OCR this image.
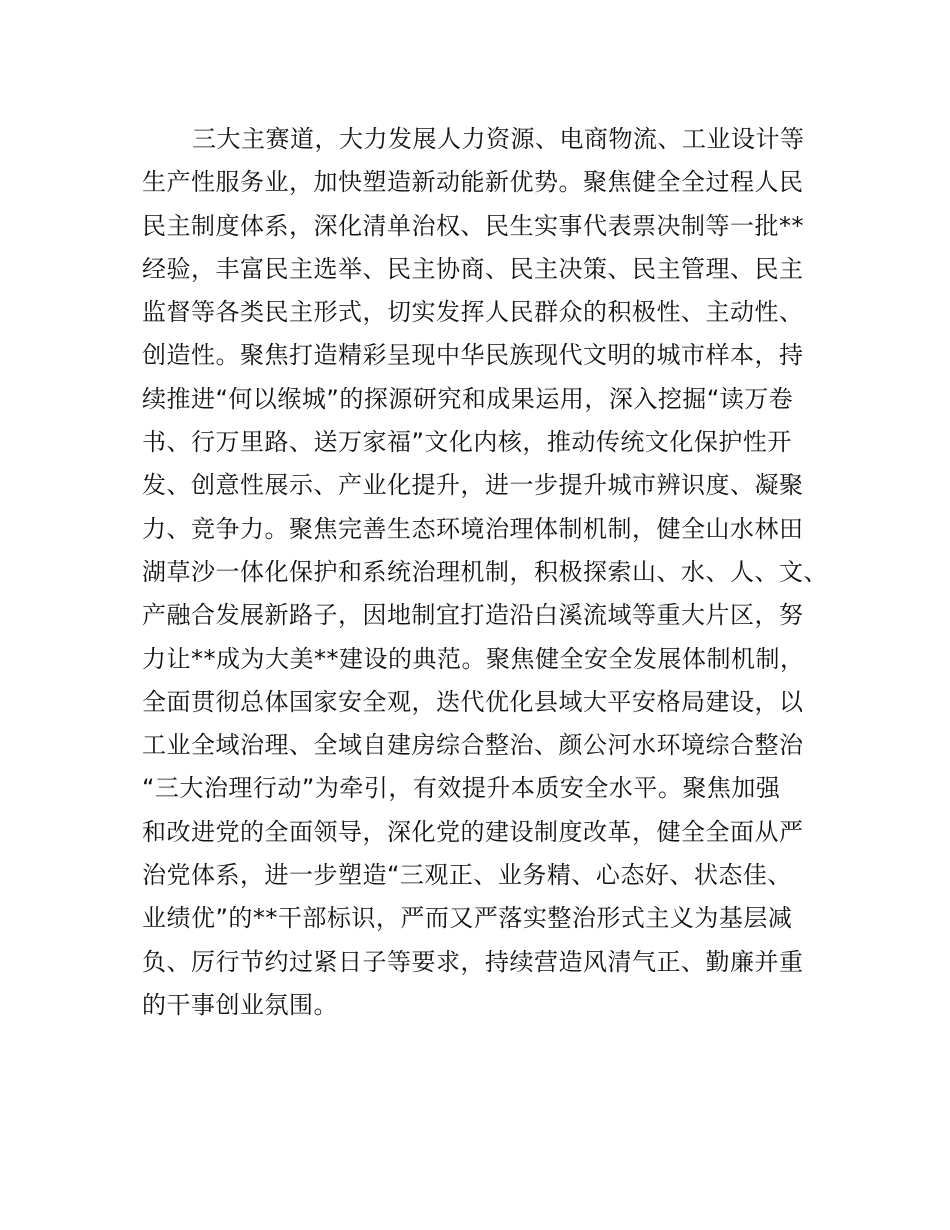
三大主赛道，大力发展人力资源、电商物流、工业设计等
生产性服务业，加快塑造新动能新优势。聚焦健全全过程人民
民主制度体系，深化清单治权、民生实事代表票决制等一批**
经验，丰富民主选举、民主协商、民主决策、民主管理、民主
监督等各类民主形式，切实发挥人民群众的积极性、主动性、
创造性。聚焦打造精彩呈现中华民族现代文明的城市样本，持
续推进“何以缑城”的探源研究和成果运用，深入挖掘“读万卷
书、行万里路、送万家福”文化内核，推动传统文化保护性开
发、创意性展示、产业化提升，进一步提升城市辨识度、凝聚
力、竞争力。聚焦完善生态环境治理体制机制，健全山水林田
湖草沙一体化保护和系统治理机制，积极探索山、水、人、文、
产融合发展新路子，因地制宜打造沿白溪流域等重大片区，努
力让**成为大美**建设的典范。聚焦健全安全发展体制机制，
全面贯彻总体国家安全观，迭代优化县域大平安格局建设，以
工业全域治理、全域自建房综合整治、颜公河水环境综合整治
“三大治理行动”为牵引，有效提升本质安全水平。聚焦加强
和改进党的全面领导，深化党的建设制度改革，健全全面从严
治党体系，进一步塑造“三观正、业务精、心态好、状态佳、
业绩优”的**干部标识，严而又严落实整治形式主义为基层减
负、厉行节约过紧日子等要求，持续营造风清气正、勤廉并重
的干事创业氛围。
